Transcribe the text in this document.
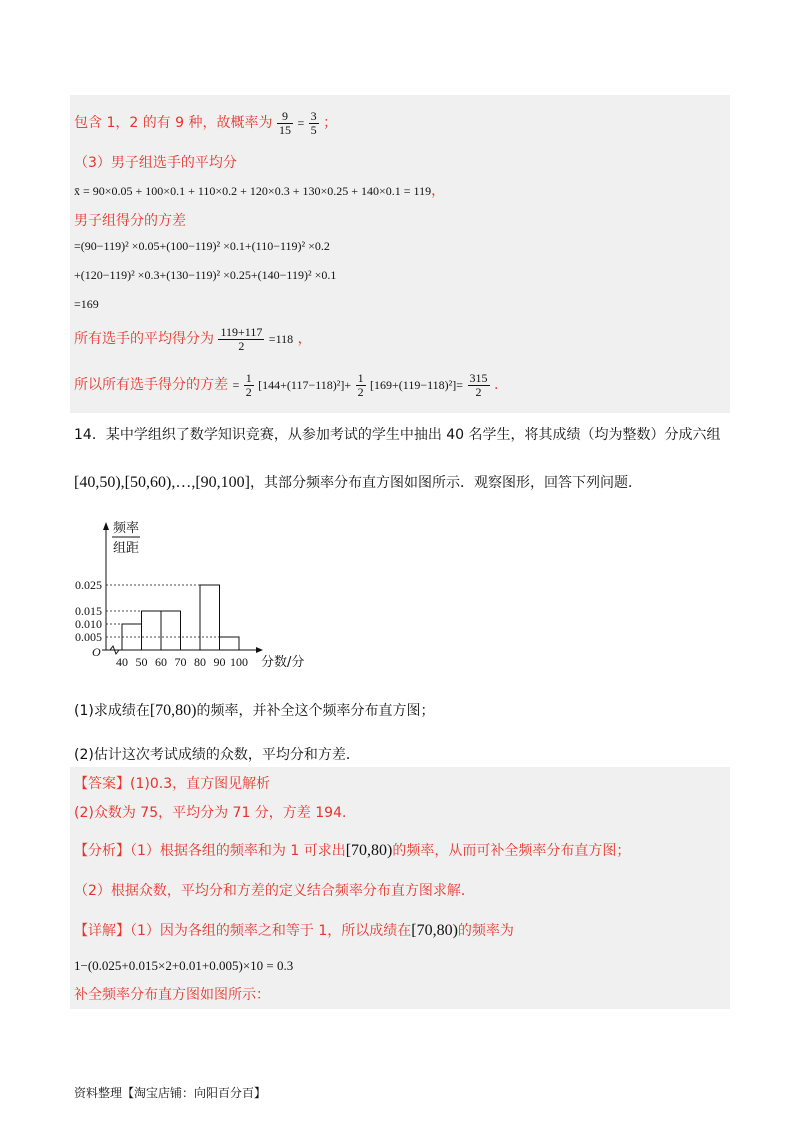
包含 1，2 的有 9 种，故概率为 $\frac{9}{15} = \frac{3}{5}$ ；
（3）男子组选手的平均分
x̄ = 90×0.05 + 100×0.1 + 110×0.2 + 120×0.3 + 130×0.25 + 140×0.1 = 119，
男子组得分的方差
=(90−119)² ×0.05+(100−119)² ×0.1+(110−119)² ×0.2
+(120−119)² ×0.3+(130−119)² ×0.25+(140−119)² ×0.1
=169
所有选手的平均得分为 $\frac{119+117}{2} =118$ ，
所以所有选手得分的方差 = $\frac{1}{2} [144+(117-118)^2]+ \frac{1}{2} [169+(119-118)^2]= \frac{315}{2}$ .
14．某中学组织了数学知识竞赛，从参加考试的学生中抽出 40 名学生，将其成绩（均为整数）分成六组
[40,50),[50,60),…,[90,100]，其部分频率分布直方图如图所示．观察图形，回答下列问题．
0.025
0.015
0.010
0.005
40 50 60 70 80 90 100 分数/分
O
频率
组距
(1)求成绩在[70,80)的频率，并补全这个频率分布直方图；
(2)估计这次考试成绩的众数，平均分和方差．
【答案】(1)0.3，直方图见解析
(2)众数为 75，平均分为 71 分，方差 194．
【分析】（1）根据各组的频率和为 1 可求出[70,80)的频率，从而可补全频率分布直方图；
（2）根据众数，平均分和方差的定义结合频率分布直方图求解．
【详解】（1）因为各组的频率之和等于 1，所以成绩在[70,80)的频率为
1−(0.025+0.015×2+0.01+0.005)×10 = 0.3
补全频率分布直方图如图所示：
资料整理【淘宝店铺：向阳百分百】
